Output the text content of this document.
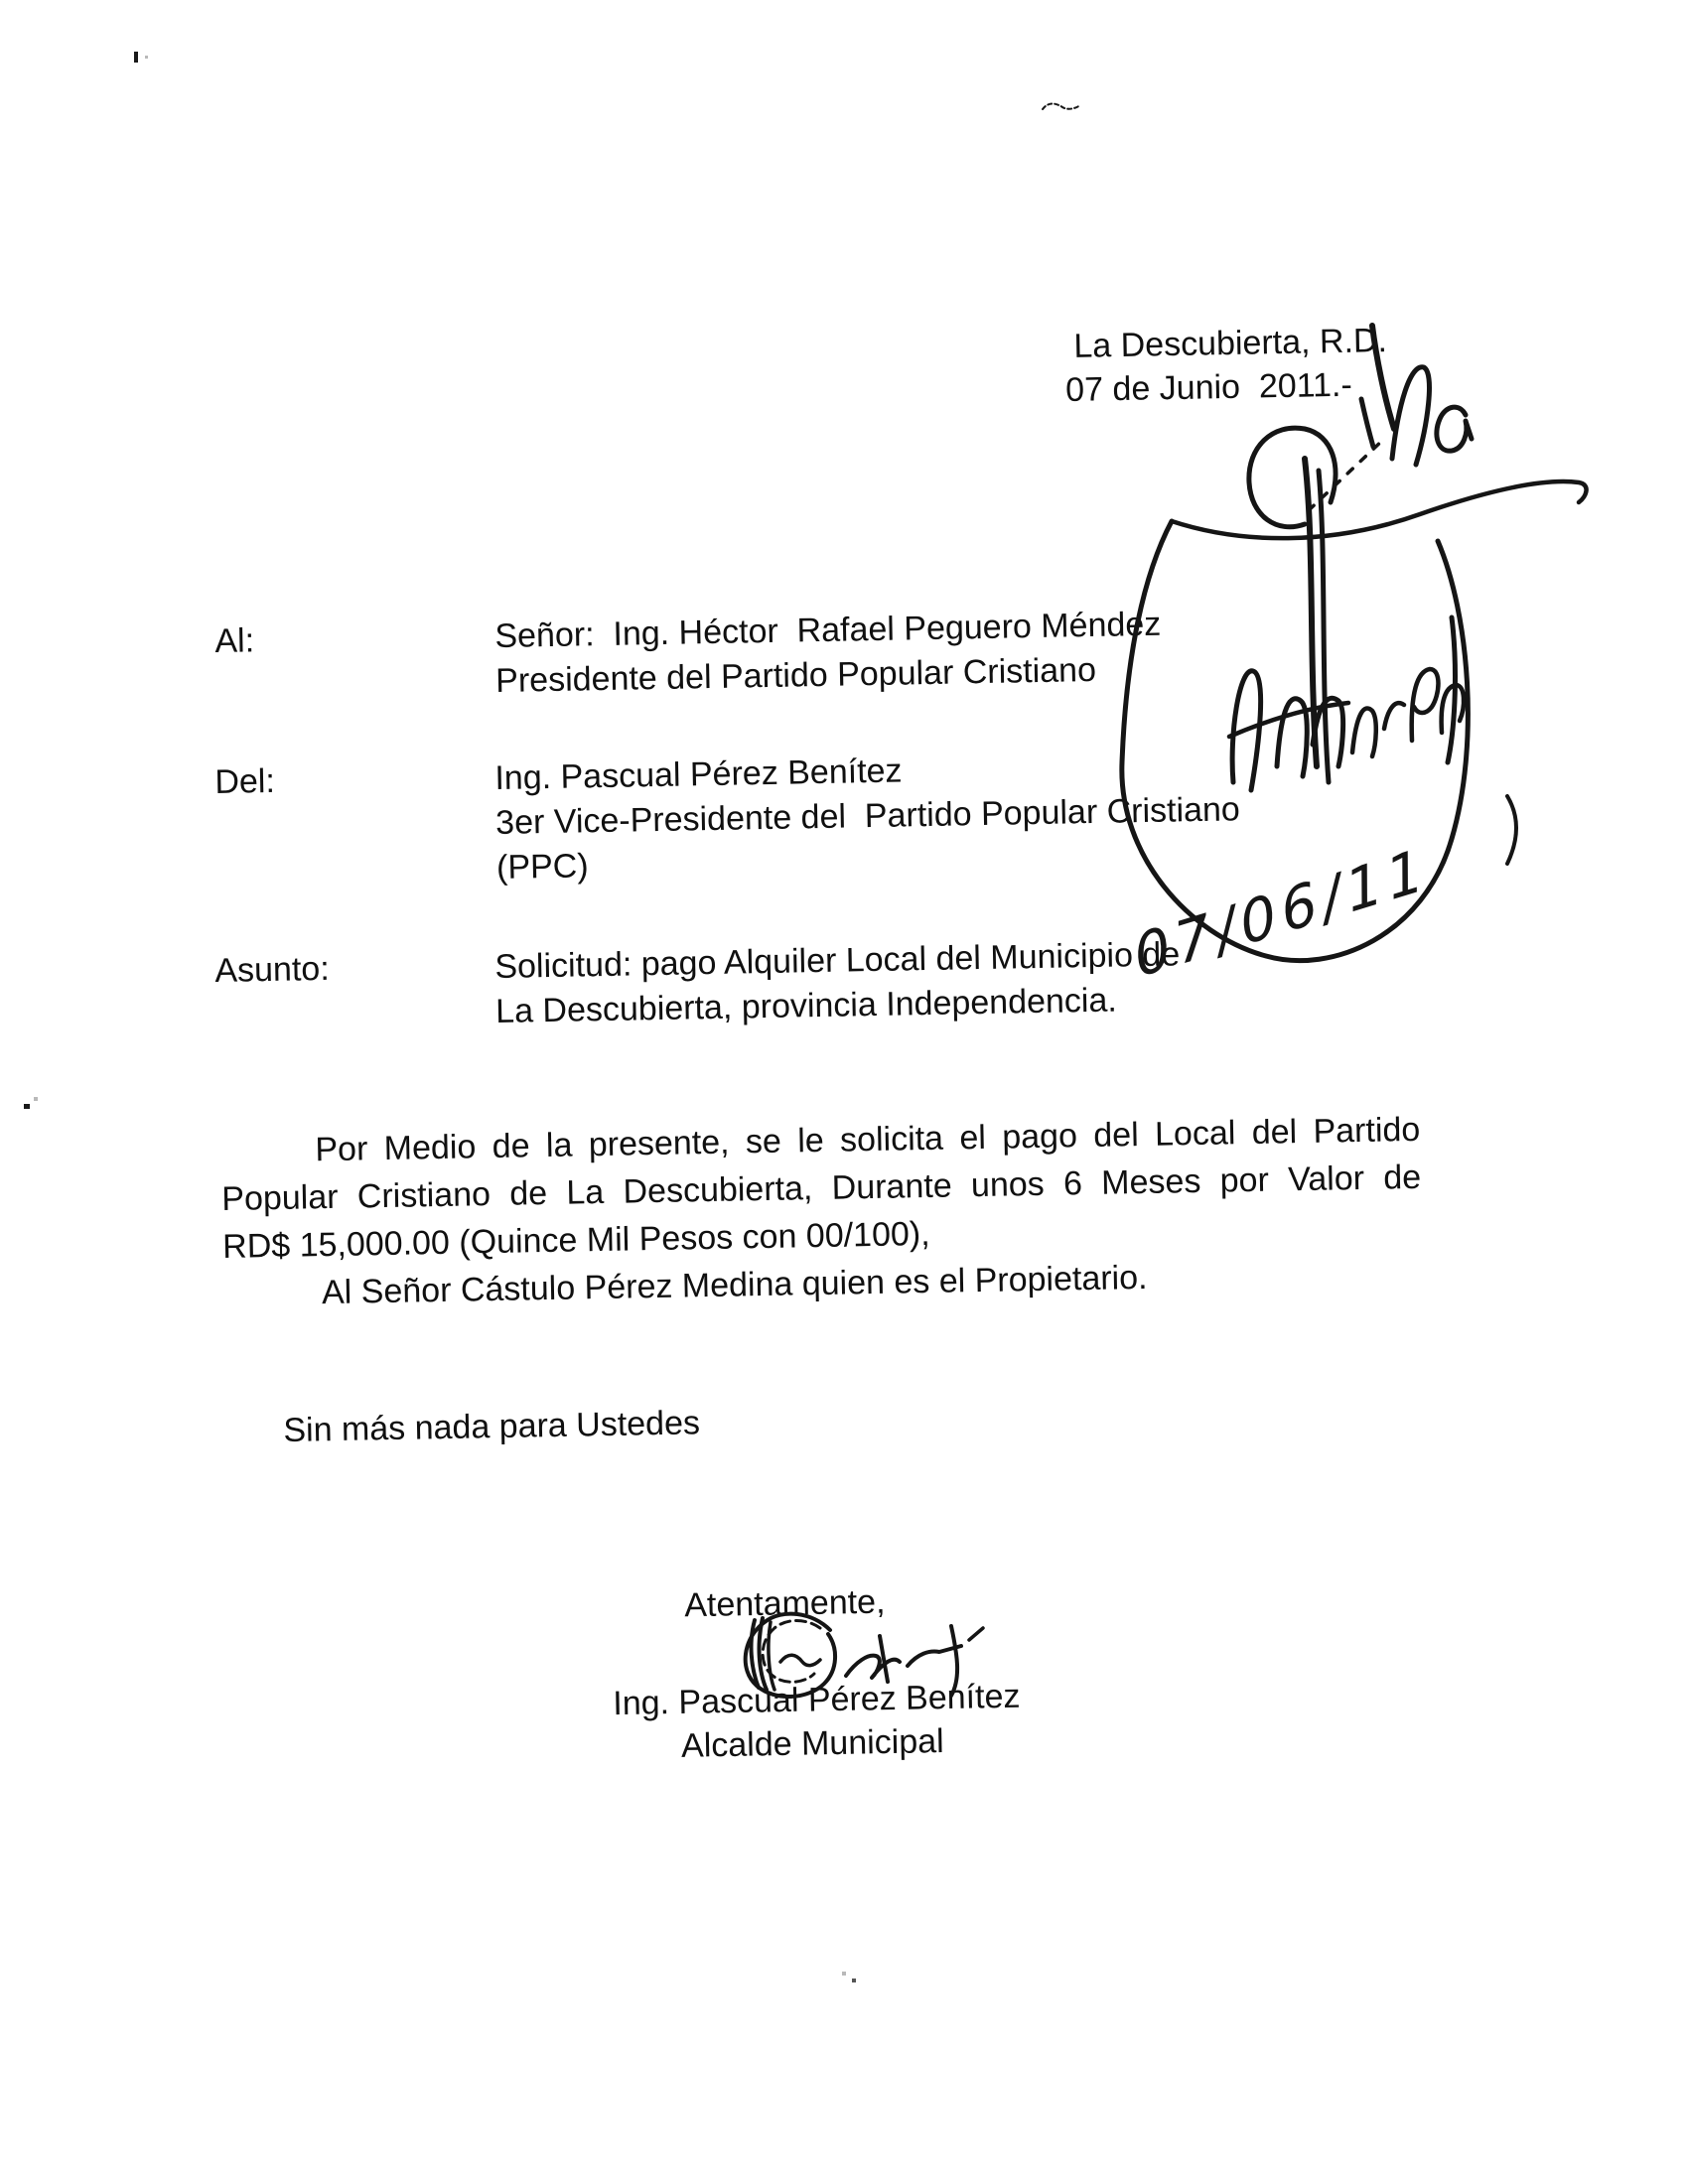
La Descubierta, R.D.
07 de Junio  2011.-
Al:	Señor:  Ing. Héctor  Rafael Peguero Méndez
Presidente del Partido Popular Cristiano
Del:	Ing. Pascual Pérez Benítez
3er Vice-Presidente del  Partido Popular Cristiano
(PPC)
Asunto:	Solicitud: pago Alquiler Local del Municipio de
La Descubierta, provincia Independencia.
Por Medio de la presente, se le solicita el pago del Local del Partido
Popular Cristiano de La Descubierta, Durante unos 6 Meses por Valor de
RD$ 15,000.00 (Quince Mil Pesos con 00/100),
Al Señor Cástulo Pérez Medina quien es el Propietario.
Sin más nada para Ustedes
Atentamente,
Ing. Pascual Pérez Benítez
Alcalde Municipal
07/06/11
